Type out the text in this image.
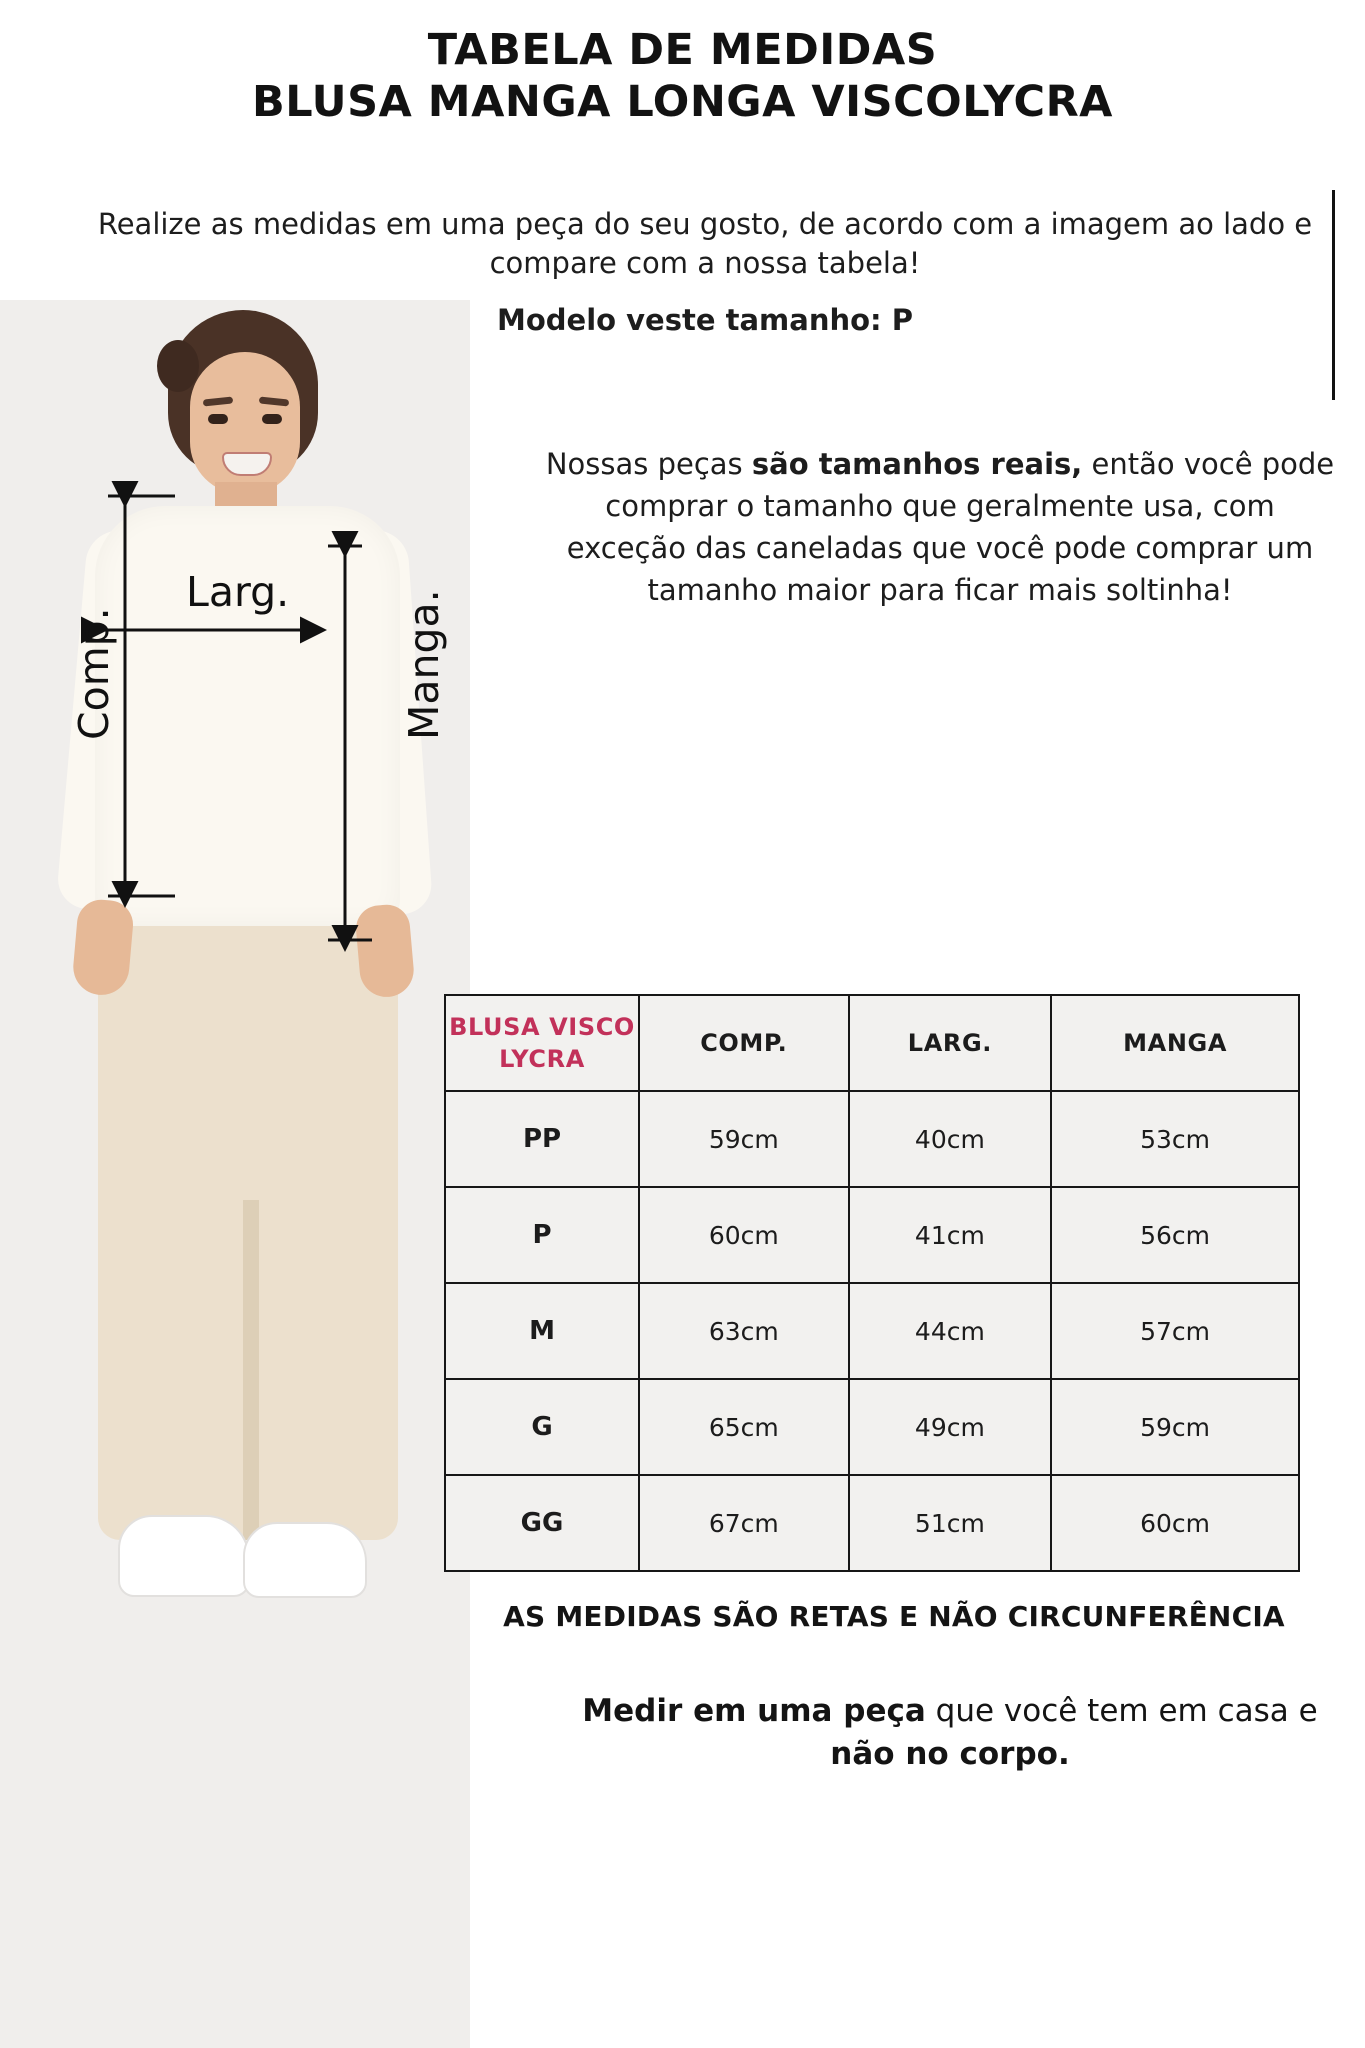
TABELA DE MEDIDAS
BLUSA MANGA LONGA VISCOLYCRA
Realize as medidas em uma peça do seu gosto, de acordo com a imagem ao lado e compare com a nossa tabela!
Modelo veste tamanho: P
Nossas peças são tamanhos reais, então você pode comprar o tamanho que geralmente usa, com exceção das caneladas que você pode comprar um tamanho maior para ficar mais soltinha!
Larg.
Comp.	Manga.
BLUSA VISCO LYCRA	COMP.	LARG.	MANGA
PP	59cm	40cm	53cm
P	60cm	41cm	56cm
M	63cm	44cm	57cm
G	65cm	49cm	59cm
GG	67cm	51cm	60cm
AS MEDIDAS SÃO RETAS E NÃO CIRCUNFERÊNCIA
Medir em uma peça que você tem em casa e não no corpo.
